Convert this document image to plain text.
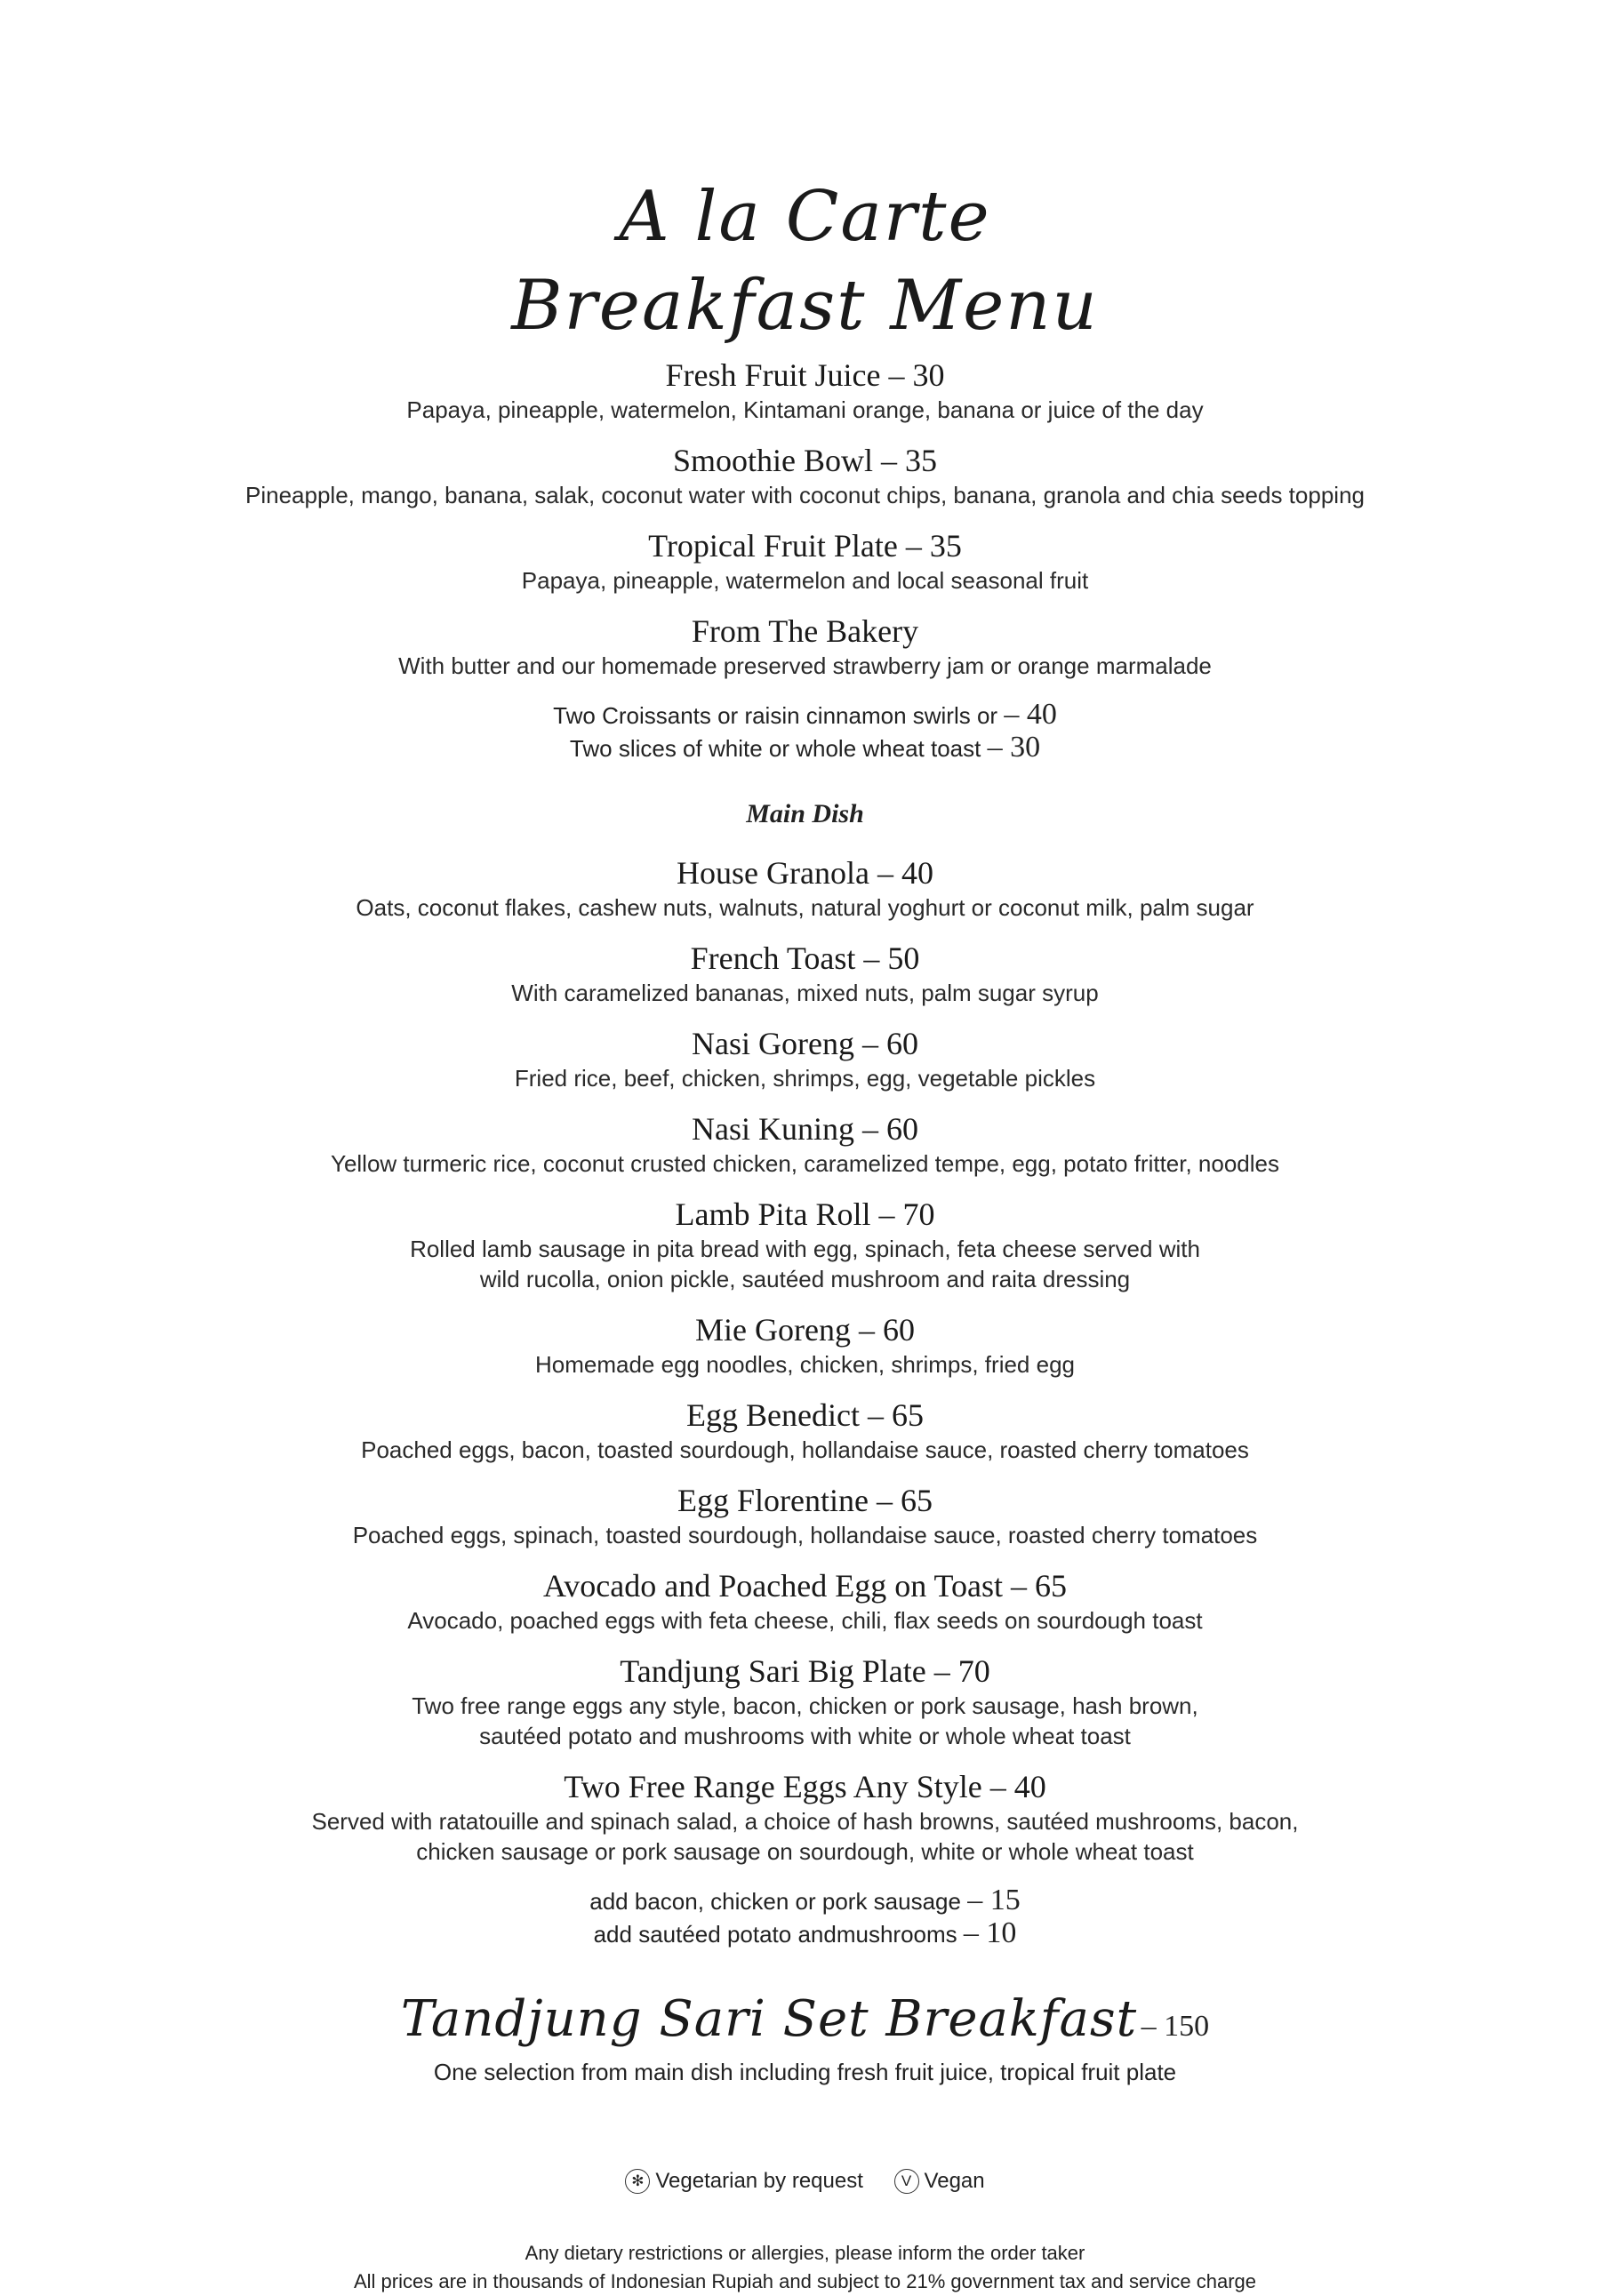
A la Carte
Breakfast Menu
Fresh Fruit Juice – 30
Papaya, pineapple, watermelon, Kintamani orange, banana or juice of the day
Smoothie Bowl – 35
Pineapple, mango, banana, salak, coconut water with coconut chips, banana, granola and chia seeds topping
Tropical Fruit Plate – 35
Papaya, pineapple, watermelon and local seasonal fruit
From The Bakery
With butter and our homemade preserved strawberry jam or orange marmalade
Two Croissants or raisin cinnamon swirls or – 40
Two slices of white or whole wheat toast – 30
Main Dish
House Granola – 40
Oats, coconut flakes, cashew nuts, walnuts, natural yoghurt or coconut milk, palm sugar
French Toast – 50
With caramelized bananas, mixed nuts, palm sugar syrup
Nasi Goreng – 60
Fried rice, beef, chicken, shrimps, egg, vegetable pickles
Nasi Kuning – 60
Yellow turmeric rice, coconut crusted chicken, caramelized tempe, egg, potato fritter, noodles
Lamb Pita Roll – 70
Rolled lamb sausage in pita bread with egg, spinach, feta cheese served with
wild rucolla, onion pickle, sautéed mushroom and raita dressing
Mie Goreng – 60
Homemade egg noodles, chicken, shrimps, fried egg
Egg Benedict – 65
Poached eggs, bacon, toasted sourdough, hollandaise sauce, roasted cherry tomatoes
Egg Florentine – 65
Poached eggs, spinach, toasted sourdough, hollandaise sauce, roasted cherry tomatoes
Avocado and Poached Egg on Toast – 65
Avocado, poached eggs with feta cheese, chili, flax seeds on sourdough toast
Tandjung Sari Big Plate – 70
Two free range eggs any style, bacon, chicken or pork sausage, hash brown,
sautéed potato and mushrooms with white or whole wheat toast
Two Free Range Eggs Any Style – 40
Served with ratatouille and spinach salad, a choice of hash browns, sautéed mushrooms, bacon,
chicken sausage or pork sausage on sourdough, white or whole wheat toast
add bacon, chicken or pork sausage – 15
add sautéed potato andmushrooms – 10
Tandjung Sari Set Breakfast – 150
One selection from main dish including fresh fruit juice, tropical fruit plate
✻ Vegetarian by request	V Vegan
Any dietary restrictions or allergies, please inform the order taker
All prices are in thousands of Indonesian Rupiah and subject to 21% government tax and service charge
